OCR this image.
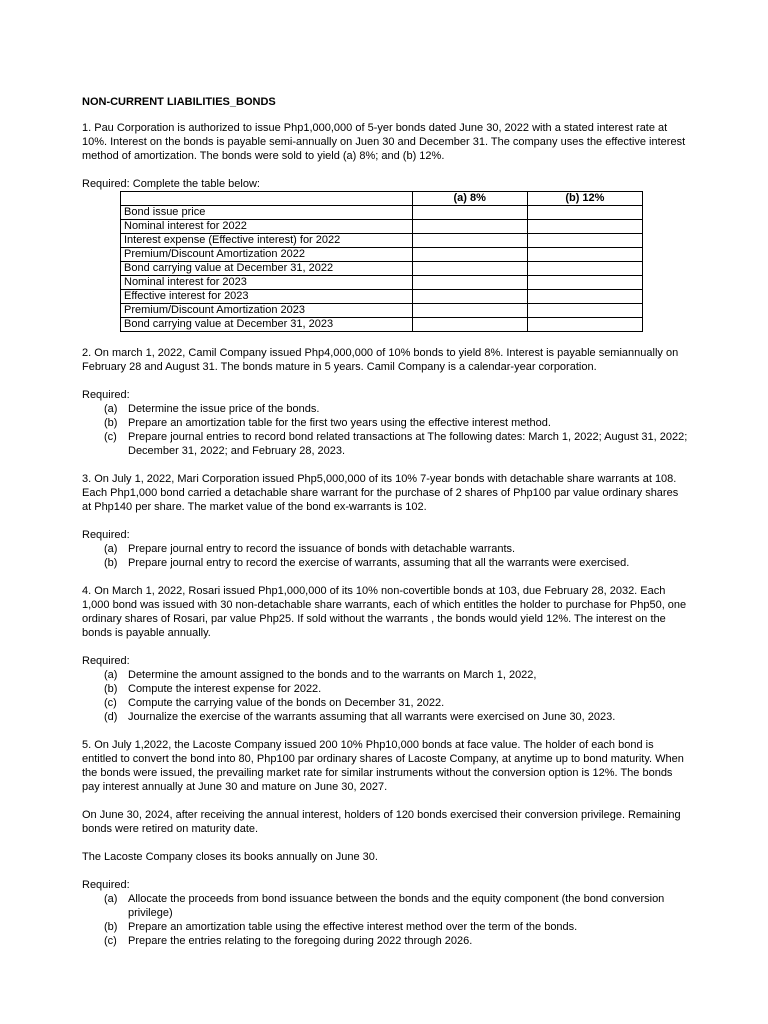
NON-CURRENT LIABILITIES_BONDS

1. Pau Corporation is authorized to issue Php1,000,000 of 5-yer bonds dated June 30, 2022 with a stated interest rate at 10%. Interest on the bonds is payable semi-annually on Juen 30 and December 31. The company uses the effective interest method of amortization. The bonds were sold to yield (a) 8%; and (b) 12%.

Required: Complete the table below:

	(a) 8%	(b) 12%
Bond issue price		
Nominal interest for 2022		
Interest expense (Effective interest) for 2022		
Premium/Discount Amortization 2022		
Bond carrying value at December 31, 2022		
Nominal interest for 2023		
Effective interest for 2023		
Premium/Discount Amortization 2023		
Bond carrying value at December 31, 2023		

2. On march 1, 2022, Camil Company issued Php4,000,000 of 10% bonds to yield 8%. Interest is payable semiannually on February 28 and August 31. The bonds mature in 5 years. Camil Company is a calendar-year corporation.

Required:

(a) Determine the issue price of the bonds.
(b) Prepare an amortization table for the first two years using the effective interest method.
(c) Prepare journal entries to record bond related transactions at The following dates: March 1, 2022; August 31, 2022; December 31, 2022; and February 28, 2023.

3. On July 1, 2022, Mari Corporation issued Php5,000,000 of its 10% 7-year bonds with detachable share warrants at 108. Each Php1,000 bond carried a detachable share warrant for the purchase of 2 shares of Php100 par value ordinary shares at Php140 per share. The market value of the bond ex-warrants is 102.

Required:

(a) Prepare journal entry to record the issuance of bonds with detachable warrants.
(b) Prepare journal entry to record the exercise of warrants, assuming that all the warrants were exercised.

4. On March 1, 2022, Rosari issued Php1,000,000 of its 10% non-covertible bonds at 103, due February 28, 2032. Each 1,000 bond was issued with 30 non-detachable share warrants, each of which entitles the holder to purchase for Php50, one ordinary shares of Rosari, par value Php25. If sold without the warrants , the bonds would yield 12%. The interest on the bonds is payable annually.

Required:

(a) Determine the amount assigned to the bonds and to the warrants on March 1, 2022,
(b) Compute the interest expense for 2022.
(c) Compute the carrying value of the bonds on December 31, 2022.
(d) Journalize the exercise of the warrants assuming that all warrants were exercised on June 30, 2023.

5. On July 1,2022, the Lacoste Company issued 200 10% Php10,000 bonds at face value. The holder of each bond is entitled to convert the bond into 80, Php100 par ordinary shares of Lacoste Company, at anytime up to bond maturity. When the bonds were issued, the prevailing market rate for similar instruments without the conversion option is 12%. The bonds pay interest annually at June 30 and mature on June 30, 2027.

On June 30, 2024, after receiving the annual interest, holders of 120 bonds exercised their conversion privilege. Remaining bonds were retired on maturity date.

The Lacoste Company closes its books annually on June 30.

Required:

(a) Allocate the proceeds from bond issuance between the bonds and the equity component (the bond conversion privilege)
(b) Prepare an amortization table using the effective interest method over the term of the bonds.
(c) Prepare the entries relating to the foregoing during 2022 through 2026.
